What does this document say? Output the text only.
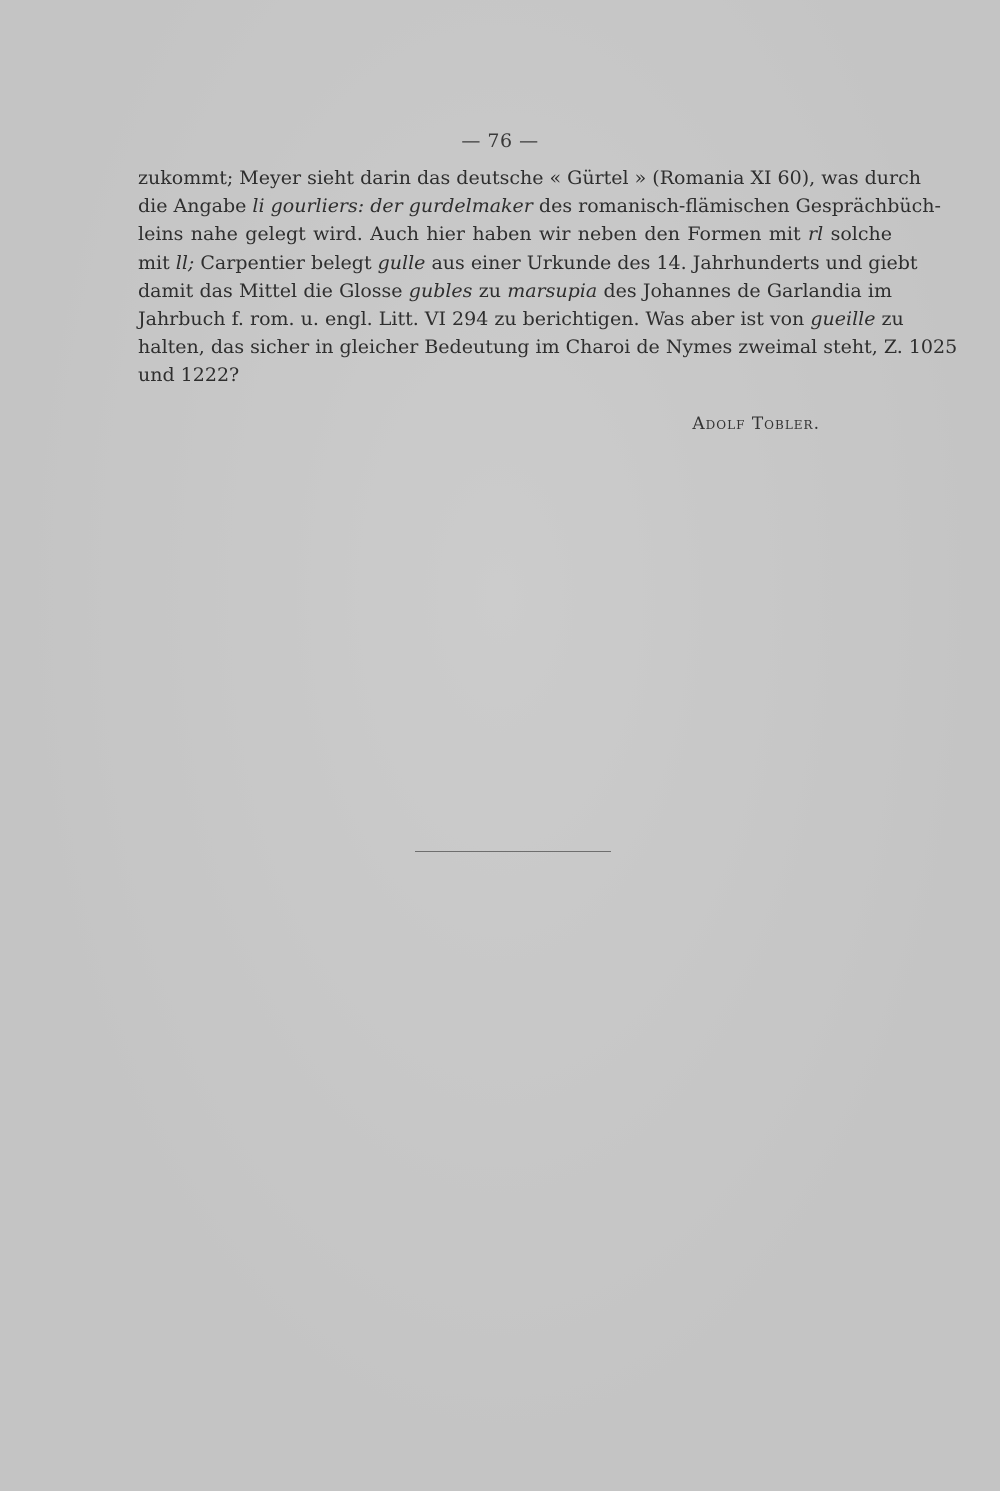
— 76 —
zukommt; Meyer sieht darin das deutsche « Gürtel » (Romania XI 60), was durch
die Angabe li gourliers: der gurdelmaker des romanisch-flämischen Gesprächbüch-
leins nahe gelegt wird. Auch hier haben wir neben den Formen mit rl solche
mit ll; Carpentier belegt gulle aus einer Urkunde des 14. Jahrhunderts und giebt
damit das Mittel die Glosse gubles zu marsupia des Johannes de Garlandia im
Jahrbuch f. rom. u. engl. Litt. VI 294 zu berichtigen. Was aber ist von gueille zu
halten, das sicher in gleicher Bedeutung im Charoi de Nymes zweimal steht, Z. 1025
und 1222?
Adolf Tobler.
